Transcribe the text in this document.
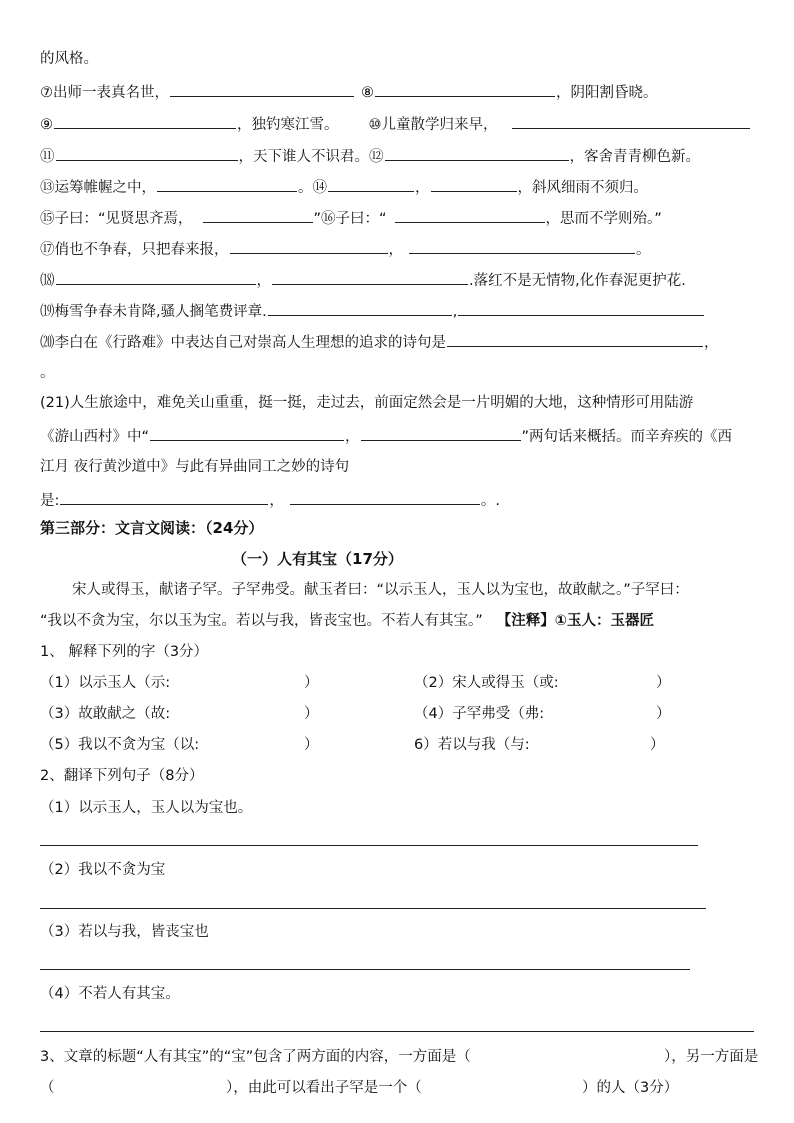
的风格。
⑦出师一表真名世，	⑧	，阴阳割昏晓。
⑨	，独钓寒江雪。 ⑩儿童散学归来早，
⑪	，天下谁人不识君。⑫	，客舍青青柳色新。
⑬运筹帷幄之中，	。⑭	，	，斜风细雨不须归。
⑮子曰：“见贤思齐焉，	”⑯子曰：“	，思而不学则殆。”
⑰俏也不争春，只把春来报，	，	。
⒅	，	.落红不是无情物,化作春泥更护花.
⒆梅雪争春未肯降,骚人搁笔费评章.	,
⒇李白在《行路难》中表达自己对崇高人生理想的追求的诗句是	，
。
(21)人生旅途中，难免关山重重，挺一挺，走过去，前面定然会是一片明媚的大地，这种情形可用陆游
《游山西村》中“	，	”两句话来概括。而辛弃疾的《西
江月 夜行黄沙道中》与此有异曲同工之妙的诗句
是:	，	。.
第三部分：文言文阅读：（24分）
（一）人有其宝（17分）
宋人或得玉，献诸子罕。子罕弗受。献玉者曰：“以示玉人，玉人以为宝也，故敢献之。”子罕曰：
“我以不贪为宝，尔以玉为宝。若以与我，皆丧宝也。不若人有其宝。” 【注释】①玉人：玉器匠
1、 解释下列的字（3分）
（1）以示玉人（示:	）	（2）宋人或得玉（或:	）
（3）故敢献之（故:	）	（4）子罕弗受（弗:	）
（5）我以不贪为宝（以:	）	6）若以与我（与:	）
2、翻译下列句子（8分）
（1）以示玉人，玉人以为宝也。
（2）我以不贪为宝
（3）若以与我，皆丧宝也
（4）不若人有其宝。
3、文章的标题“人有其宝”的“宝”包含了两方面的内容，一方面是（	），另一方面是
（	），由此可以看出子罕是一个（	）的人（3分）
